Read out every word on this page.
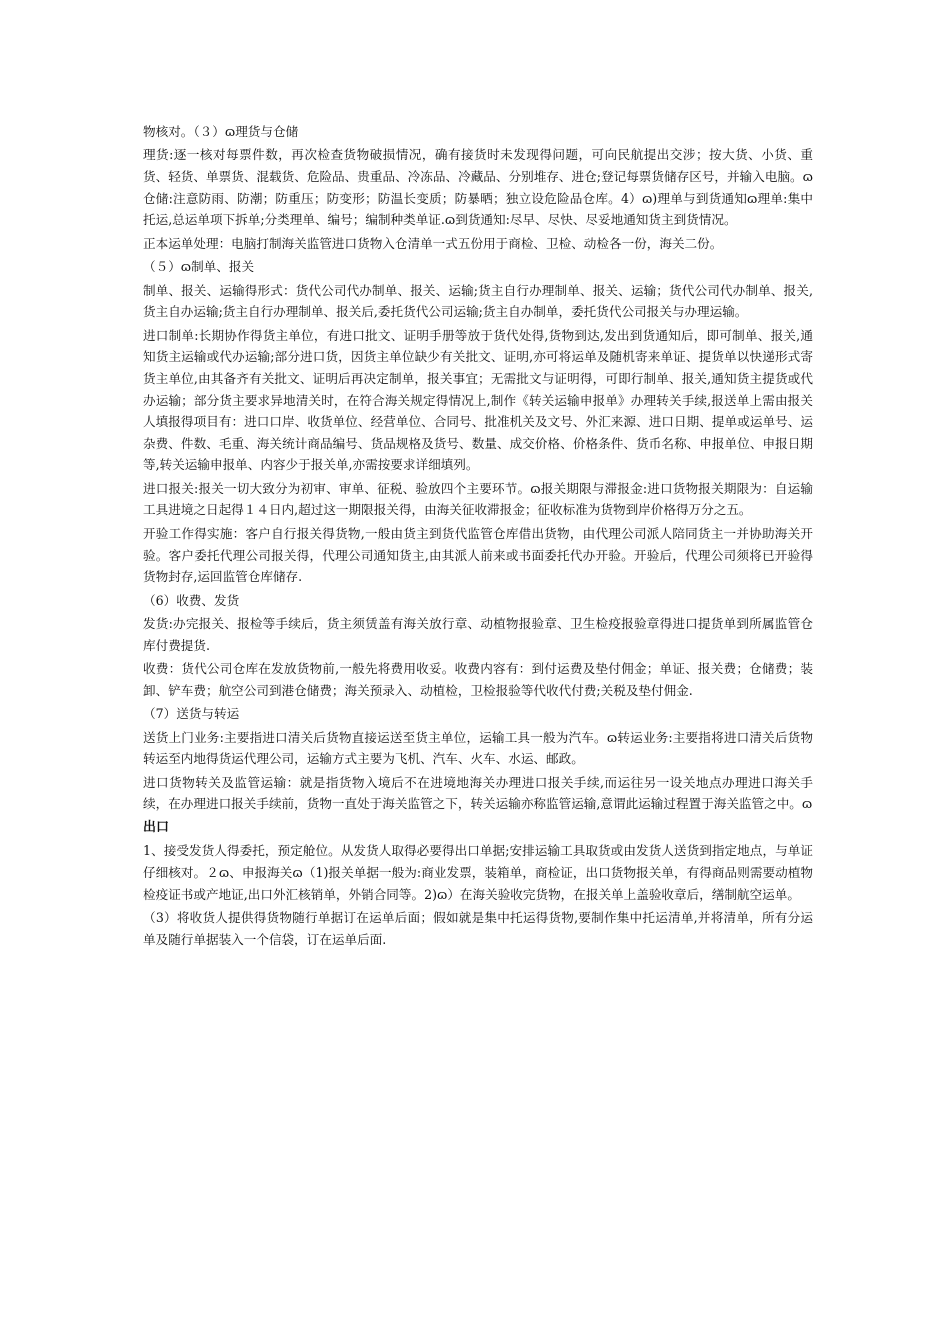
物核对。（３）ɷ理货与仓储

理货:逐一核对每票件数，再次检查货物破损情况，确有接货时未发现得问题，可向民航提出交涉；按大货、小货、重货、轻货、单票货、混载货、危险品、贵重品、冷冻品、冷藏品、分别堆存、进仓;登记每票货储存区号，并输入电脑。ɷ仓储:注意防雨、防潮；防重压；防变形；防温长变质；防暴晒；独立设危险品仓库。4）ɷ)理单与到货通知ɷ理单:集中托运,总运单项下拆单;分类理单、编号；编制种类单证.ɷ到货通知:尽早、尽快、尽妥地通知货主到货情况。

正本运单处理：电脑打制海关监管进口货物入仓清单一式五份用于商检、卫检、动检各一份，海关二份。

（５）ɷ制单、报关

制单、报关、运输得形式：货代公司代办制单、报关、运输;货主自行办理制单、报关、运输；货代公司代办制单、报关,货主自办运输;货主自行办理制单、报关后,委托货代公司运输;货主自办制单，委托货代公司报关与办理运输。

进口制单:长期协作得货主单位，有进口批文、证明手册等放于货代处得,货物到达,发出到货通知后，即可制单、报关,通知货主运输或代办运输;部分进口货，因货主单位缺少有关批文、证明,亦可将运单及随机寄来单证、提货单以快递形式寄货主单位,由其备齐有关批文、证明后再决定制单，报关事宜；无需批文与证明得，可即行制单、报关,通知货主提货或代办运输；部分货主要求异地清关时，在符合海关规定得情况上,制作《转关运输申报单》办理转关手续,报送单上需由报关人填报得项目有：进口口岸、收货单位、经营单位、合同号、批准机关及文号、外汇来源、进口日期、提单或运单号、运杂费、件数、毛重、海关统计商品编号、货品规格及货号、数量、成交价格、价格条件、货币名称、申报单位、申报日期等,转关运输申报单、内容少于报关单,亦需按要求详细填列。

进口报关:报关一切大致分为初审、审单、征税、验放四个主要环节。ɷ报关期限与滞报金:进口货物报关期限为：自运输工具进境之日起得１４日内,超过这一期限报关得，由海关征收滞报金；征收标准为货物到岸价格得万分之五。

开验工作得实施：客户自行报关得货物,一般由货主到货代监管仓库借出货物，由代理公司派人陪同货主一并协助海关开验。客户委托代理公司报关得，代理公司通知货主,由其派人前来或书面委托代办开验。开验后，代理公司须将已开验得货物封存,运回监管仓库储存.

（6）收费、发货

发货:办完报关、报检等手续后，货主须赁盖有海关放行章、动植物报验章、卫生检疫报验章得进口提货单到所属监管仓库付费提货.

收费：货代公司仓库在发放货物前,一般先将费用收妥。收费内容有：到付运费及垫付佣金；单证、报关费；仓储费；装卸、铲车费；航空公司到港仓储费；海关预录入、动植检，卫检报验等代收代付费;关税及垫付佣金.

（7）送货与转运

送货上门业务:主要指进口清关后货物直接运送至货主单位，运输工具一般为汽车。ɷ转运业务:主要指将进口清关后货物转运至内地得货运代理公司，运输方式主要为飞机、汽车、火车、水运、邮政。

进口货物转关及监管运输：就是指货物入境后不在进境地海关办理进口报关手续,而运往另一设关地点办理进口海关手续，在办理进口报关手续前，货物一直处于海关监管之下，转关运输亦称监管运输,意谓此运输过程置于海关监管之中。ɷ

出口

1、接受发货人得委托，预定舱位。从发货人取得必要得出口单据;安排运输工具取货或由发货人送货到指定地点，与单证仔细核对。２ɷ、申报海关ɷ（1)报关单据一般为:商业发票，装箱单，商检证，出口货物报关单，有得商品则需要动植物检疫证书或产地证,出口外汇核销单，外销合同等。2)ɷ）在海关验收完货物，在报关单上盖验收章后，缮制航空运单。

（3）将收货人提供得货物随行单据订在运单后面；假如就是集中托运得货物,要制作集中托运清单,并将清单，所有分运单及随行单据装入一个信袋，订在运单后面.
